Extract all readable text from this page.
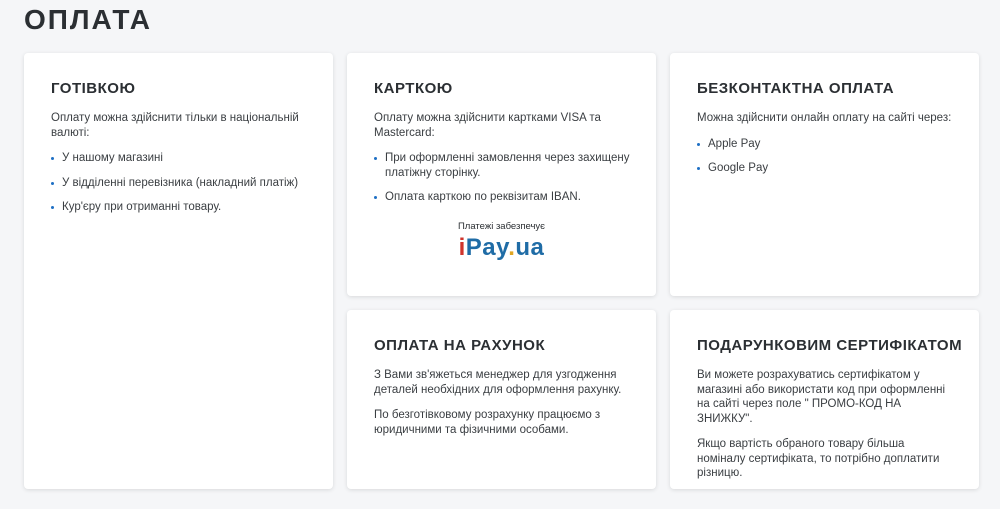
ОПЛАТА
ГОТІВКОЮ

Оплату можна здійснити тільки в національній валюті:

У нашому магазині
У відділенні перевізника (накладний платіж)
Кур'єру при отриманні товару.
КАРТКОЮ

Оплату можна здійснити картками VISA та Mastercard:

При оформленні замовлення через захищену платіжну сторінку.
Оплата карткою по реквізитам IBAN.
Платежі забезпечує
iPay.ua
БЕЗКОНТАКТНА ОПЛАТА

Можна здійснити онлайн оплату на сайті через:

Apple Pay
Google Pay
ОПЛАТА НА РАХУНОК

З Вами зв'яжеться менеджер для узгодження деталей необхідних для оформлення рахунку.

По безготівковому розрахунку працюємо з юридичними та фізичними особами.

ПОДАРУНКОВИМ СЕРТИФІКАТОМ

Ви можете розрахуватись сертифікатом у магазині або використати код при оформленні на сайті через поле " ПРОМО-КОД НА ЗНИЖКУ".

Якщо вартість обраного товару більша номіналу сертифіката, то потрібно доплатити різницю.
